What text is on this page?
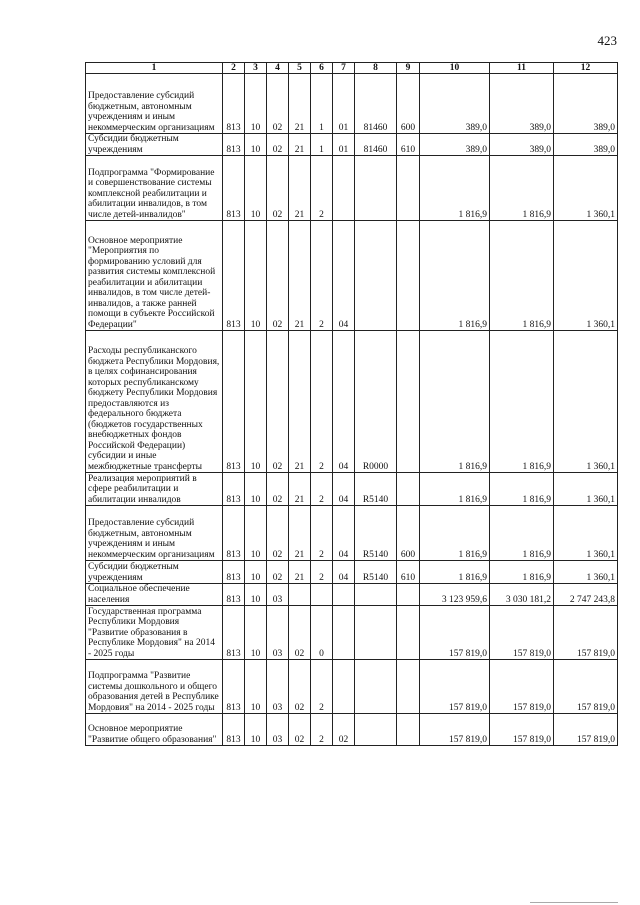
423
1	2	3	4	5	6	7	8	9	10	11	12
Предоставление субсидий бюджетным, автономным учреждениям и иным некоммерческим организациям	813	10	02	21	1	01	81460	600	389,0	389,0	389,0
Субсидии бюджетным учреждениям	813	10	02	21	1	01	81460	610	389,0	389,0	389,0
Подпрограмма "Формирование и совершенствование системы комплексной реабилитации и абилитации инвалидов, в том числе детей-инвалидов"	813	10	02	21	2				1 816,9	1 816,9	1 360,1
Основное мероприятие "Мероприятия по формированию условий для развития системы комплексной реабилитации и абилитации инвалидов, в том числе детей-инвалидов, а также ранней помощи в субъекте Российской Федерации"	813	10	02	21	2	04			1 816,9	1 816,9	1 360,1
Расходы республиканского бюджета Республики Мордовия, в целях софинансирования которых республиканскому бюджету Республики Мордовия предоставляются из федерального бюджета (бюджетов государственных внебюджетных фондов Российской Федерации) субсидии и иные межбюджетные трансферты	813	10	02	21	2	04	R0000		1 816,9	1 816,9	1 360,1
Реализация мероприятий в сфере реабилитации и абилитации инвалидов	813	10	02	21	2	04	R5140		1 816,9	1 816,9	1 360,1
Предоставление субсидий бюджетным, автономным учреждениям и иным некоммерческим организациям	813	10	02	21	2	04	R5140	600	1 816,9	1 816,9	1 360,1
Субсидии бюджетным учреждениям	813	10	02	21	2	04	R5140	610	1 816,9	1 816,9	1 360,1
Социальное обеспечение населения	813	10	03						3 123 959,6	3 030 181,2	2 747 243,8
Государственная программа Республики Мордовия "Развитие образования в Республике Мордовия" на 2014 - 2025 годы	813	10	03	02	0				157 819,0	157 819,0	157 819,0
Подпрограмма "Развитие системы дошкольного и общего образования детей в Республике Мордовия" на 2014 - 2025 годы	813	10	03	02	2				157 819,0	157 819,0	157 819,0
Основное мероприятие "Развитие общего образования"	813	10	03	02	2	02			157 819,0	157 819,0	157 819,0
